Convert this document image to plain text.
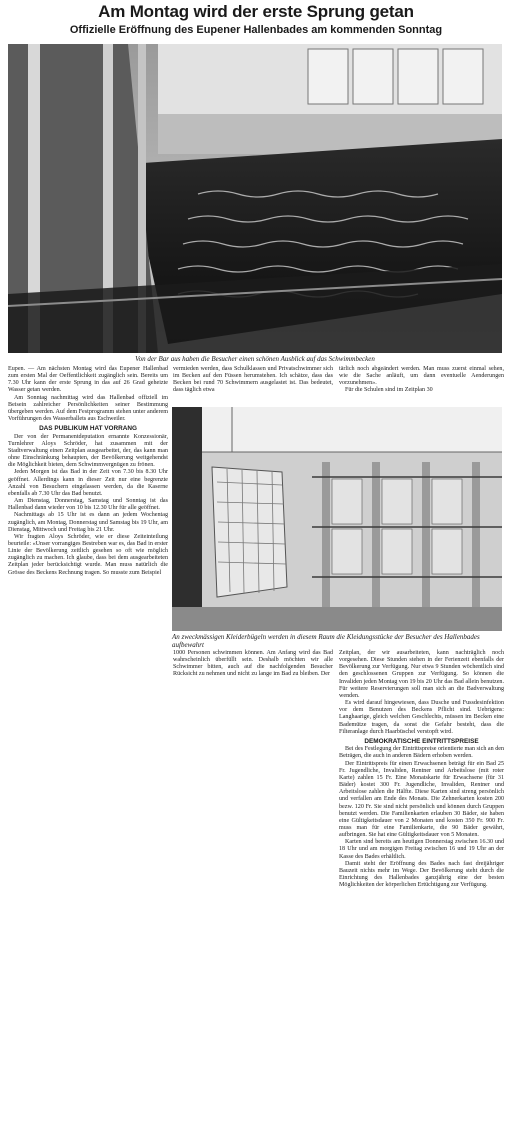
Am Montag wird der erste Sprung getan
Offizielle Eröffnung des Eupener Hallenbades am kommenden Sonntag
Von der Bar aus haben die Besucher einen schönen Ausblick auf das Schwimmbecken

Eupen. — Am nächsten Montag wird das Eupener Hallenbad zum ersten Mal der Oeffentlichkeit zugänglich sein. Bereits um 7.30 Uhr kann der erste Sprung in das auf 26 Grad geheizte Wasser getan werden.

Am Sonntag nachmittag wird das Hallenbad offiziell im Beisein zahlreicher Persönlichkeiten seiner Bestimmung übergeben werden. Auf dem Festprogramm stehen unter anderem Vorführungen des Wasserballets aus Eschweiler.

DAS PUBLIKUM HAT VORRANG

Der von der Permanentdeputation ernannte Konzessionär, Turnlehrer Aloys Schröder, hat zusammen mit der Stadtverwaltung einen Zeitplan ausgearbeitet, der, das kann man ohne Einschränkung behaupten, der Bevölkerung weitgehendst die Möglichkeit bieten, dem Schwimmvergnügen zu frönen.

Jeden Morgen ist das Bad in der Zeit von 7.30 bis 8.30 Uhr geöffnet. Allerdings kann in dieser Zeit nur eine begrenzte Anzahl von Besuchern eingelassen werden, da die Kaserne ebenfalls ab 7.30 Uhr das Bad benutzt.

Am Dienstag, Donnerstag, Samstag und Sonntag ist das Hallenbad dann wieder von 10 bis 12.30 Uhr für alle geöffnet.

Nachmittags ab 15 Uhr ist es dann an jedem Wochentag zugänglich, am Montag, Donnerstag und Samstag bis 19 Uhr, am Dienstag, Mittwoch und Freitag bis 21 Uhr.

Wir fragten Aloys Schröder, wie er diese Zeiteinteilung beurteile: «Unser vorrangiges Bestreben war es, das Bad in erster Linie der Bevölkerung zeitlich gesehen so oft wie möglich zugänglich zu machen. Ich glaube, dass bei dem ausgearbeiteten Zeitplan jeder berücksichtigt wurde. Man muss natürlich die Grösse des Beckens Rechnung tragen. So musste zum Beispiel

vermieden werden, dass Schulklassen und Privatschwimmer sich im Becken auf den Füssen herumstehen. Ich schätze, dass das Becken bei rund 70 Schwimmern ausgelastet ist. Das bedeutet, dass täglich etwa

tärlich noch abgeändert werden. Man muss zuerst einmal sehen, wie die Sache anläuft, um dann eventuelle Aenderungen vorzunehmen».

Für die Schulen sind im Zeitplan 30

An zweckmässigen Kleiderbügeln werden in diesem Raum die Kleidungsstücke der Besucher des Hallenbades aufbewahrt

1000 Personen schwimmen können. Am Anfang wird das Bad wahrscheinlich überfüllt sein. Deshalb möchten wir alle Schwimmer bitten, auch auf die nachfolgenden Besucher Rücksicht zu nehmen und nicht zu lange im Bad zu bleiben. Der

Zeitplan, der wir ausarbeiteten, kann nachträglich noch vorgesehen. Diese Stunden stehen in der Ferienzeit ebenfalls der Bevölkerung zur Verfügung. Nur etwa 9 Stunden wöchentlich sind den geschlossenen Gruppen zur Verfügung. So können die Invaliden jeden Montag von 19 bis 20 Uhr das Bad allein benutzen. Für weitere Reservierungen soll man sich an die Badverwaltung wenden.

Es wird darauf hingewiesen, dass Dusche und Fussdesinfektion vor dem Benutzen des Beckens Pflicht sind. Uebrigens: Langhaarige, gleich welchen Geschlechts, müssen im Becken eine Bademütze tragen, da sonst die Gefahr besteht, dass die Filteranlage durch Haarbüschel verstopft wird.

DEMOKRATISCHE EINTRITTSPREISE

Bei des Festlegung der Eintrittspreise orientierte man sich an den Beträgen, die auch in anderen Bädern erhoben werden.

Der Eintrittspreis für einen Erwachsenen beträgt für ein Bad 25 Fr. Jugendliche, Invaliden, Rentner und Arbeitslose (mit roter Karte) zahlen 15 Fr. Eine Monatskarte für Erwachsene (für 31 Bäder) kostet 300 Fr. Jugendliche, Invaliden, Rentner und Arbeitslose zahlen die Hälfte. Diese Karten sind streng persönlich und verfallen am Ende des Monats. Die Zehnerkarten kosten 200 bezw. 120 Fr. Sie sind nicht persönlich und können durch Gruppen benutzt werden. Die Familienkarten erlauben 30 Bäder, sie haben eine Gültigkeitsdauer von 2 Monaten und kosten 350 Fr. 900 Fr. muss man für eine Familienkarte, die 90 Bäder gewährt, aufbringen. Sie hat eine Gültigkeitsdauer von 5 Monaten.

Karten sind bereits am heutigen Donnerstag zwischen 16.30 und 18 Uhr und am morgigen Freitag zwischen 16 und 19 Uhr an der Kasse des Bades erhältlich.

Damit steht der Eröffnung des Bades nach fast dreijähriger Bauzeit nichts mehr im Wege. Der Bevölkerung steht durch die Einrichtung des Hallenbades ganzjährig eine der besten Möglichkeiten der körperlichen Ertüchtigung zur Verfügung.
